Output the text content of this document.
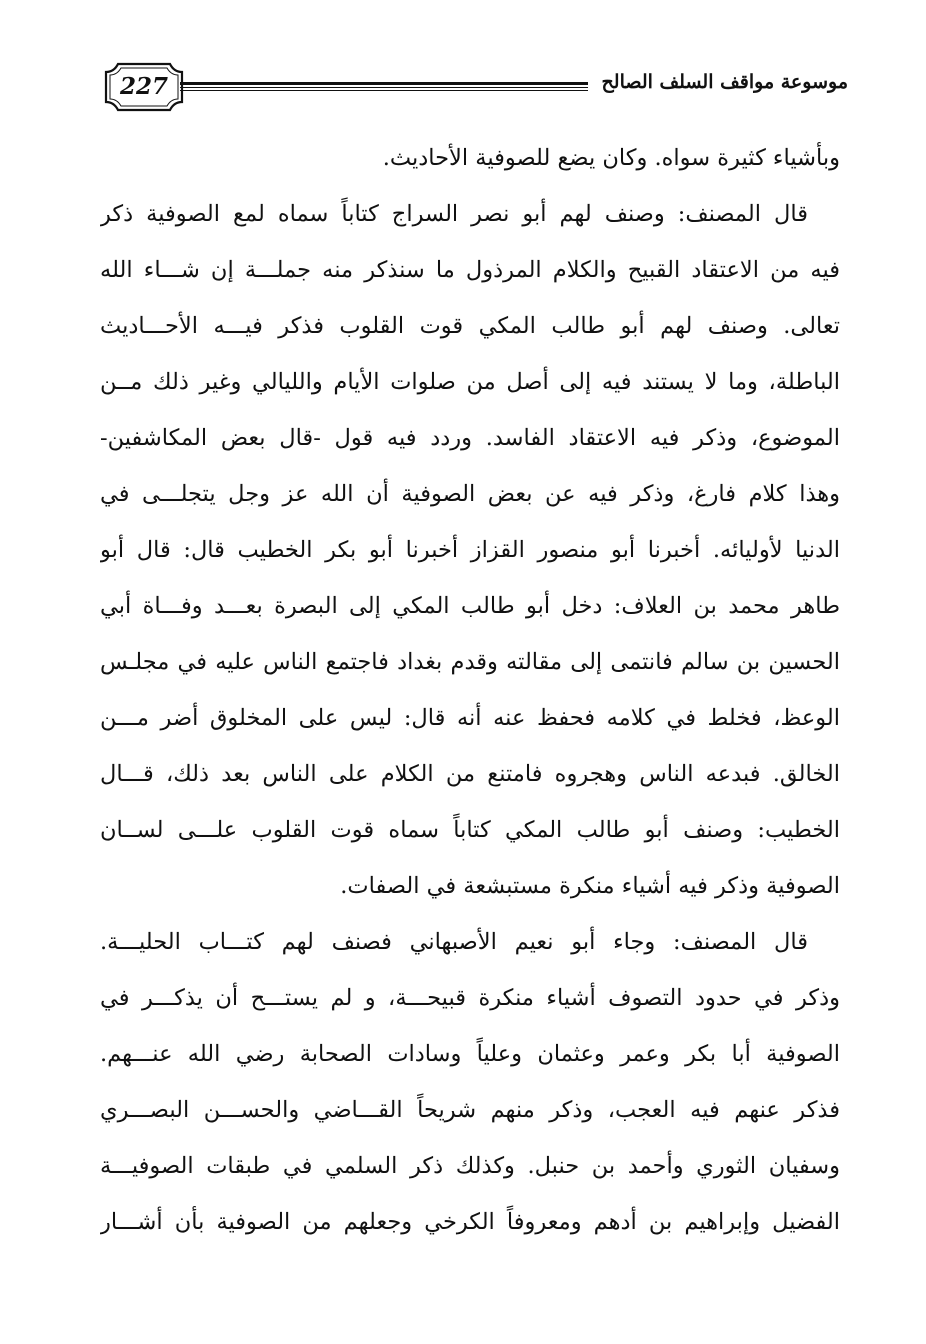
موسوعة مواقف السلف الصالح
227
وبأشياء كثيرة سواه. وكان يضع للصوفية الأحاديث.
قال المصنف: وصنف لهم أبو نصر السراج كتاباً سماه لمع الصوفية ذكر
فيه من الاعتقاد القبيح والكلام المرذول ما سنذكر منه جملـــة إن شـــاء الله
تعالى. وصنف لهم أبو طالب المكي قوت القلوب فذكر فيـــه الأحـــاديث
الباطلة، وما لا يستند فيه إلى أصل من صلوات الأيام والليالي وغير ذلك مــن
الموضوع، وذكر فيه الاعتقاد الفاسد. وردد فيه قول -قال بعض المكاشفين-
وهذا كلام فارغ، وذكر فيه عن بعض الصوفية أن الله عز وجل يتجلـــى في
الدنيا لأوليائه. أخبرنا أبو منصور القزاز أخبرنا أبو بكر الخطيب قال: قال أبو
طاهر محمد بن العلاف: دخل أبو طالب المكي إلى البصرة بعـــد وفـــاة أبي
الحسين بن سالم فانتمى إلى مقالته وقدم بغداد فاجتمع الناس عليه في مجلـس
الوعظ، فخلط في كلامه فحفظ عنه أنه قال: ليس على المخلوق أضر مـــن
الخالق. فبدعه الناس وهجروه فامتنع من الكلام على الناس بعد ذلك، قـــال
الخطيب: وصنف أبو طالب المكي كتاباً سماه قوت القلوب علـــى لســان
الصوفية وذكر فيه أشياء منكرة مستبشعة في الصفات.
قال المصنف: وجاء أبو نعيم الأصبهاني فصنف لهم كتـــاب الحليـــة.
وذكر في حدود التصوف أشياء منكرة قبيحـــة، و لم يستـــح أن يذكـــر في
الصوفية أبا بكر وعمر وعثمان وعلياً وسادات الصحابة رضي الله عنـــهم.
فذكر عنهم فيه العجب، وذكر منهم شريحاً القـــاضي والحســـن البصـــري
وسفيان الثوري وأحمد بن حنبل. وكذلك ذكر السلمي في طبقات الصوفيـــة
الفضيل وإبراهيم بن أدهم ومعروفاً الكرخي وجعلهم من الصوفية بأن أشـــار
